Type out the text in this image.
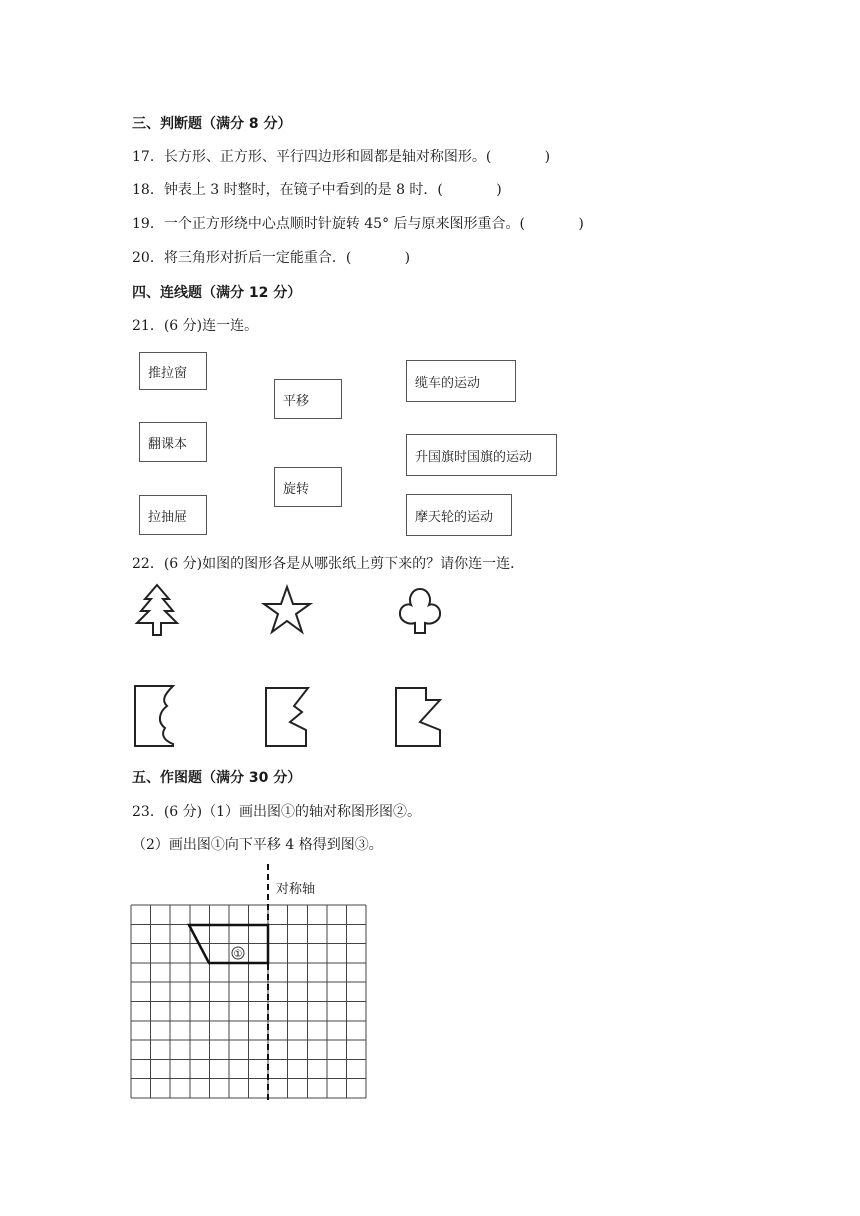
三、判断题（满分 8 分）
17．长方形、正方形、平行四边形和圆都是轴对称图形。(            )
18．钟表上 3 时整时，在镜子中看到的是 8 时．(            )
19．一个正方形绕中心点顺时针旋转 45° 后与原来图形重合。(            )
20．将三角形对折后一定能重合．(            )
四、连线题（满分 12 分）
21．(6 分)连一连。
推拉窗
翻课本
拉抽屉
平移
旋转
缆车的运动
升国旗时国旗的运动
摩天轮的运动
22．(6 分)如图的图形各是从哪张纸上剪下来的？请你连一连．
五、作图题（满分 30 分）
23．(6 分)（1）画出图①的轴对称图形图②。
（2）画出图①向下平移 4 格得到图③。
对称轴
①
